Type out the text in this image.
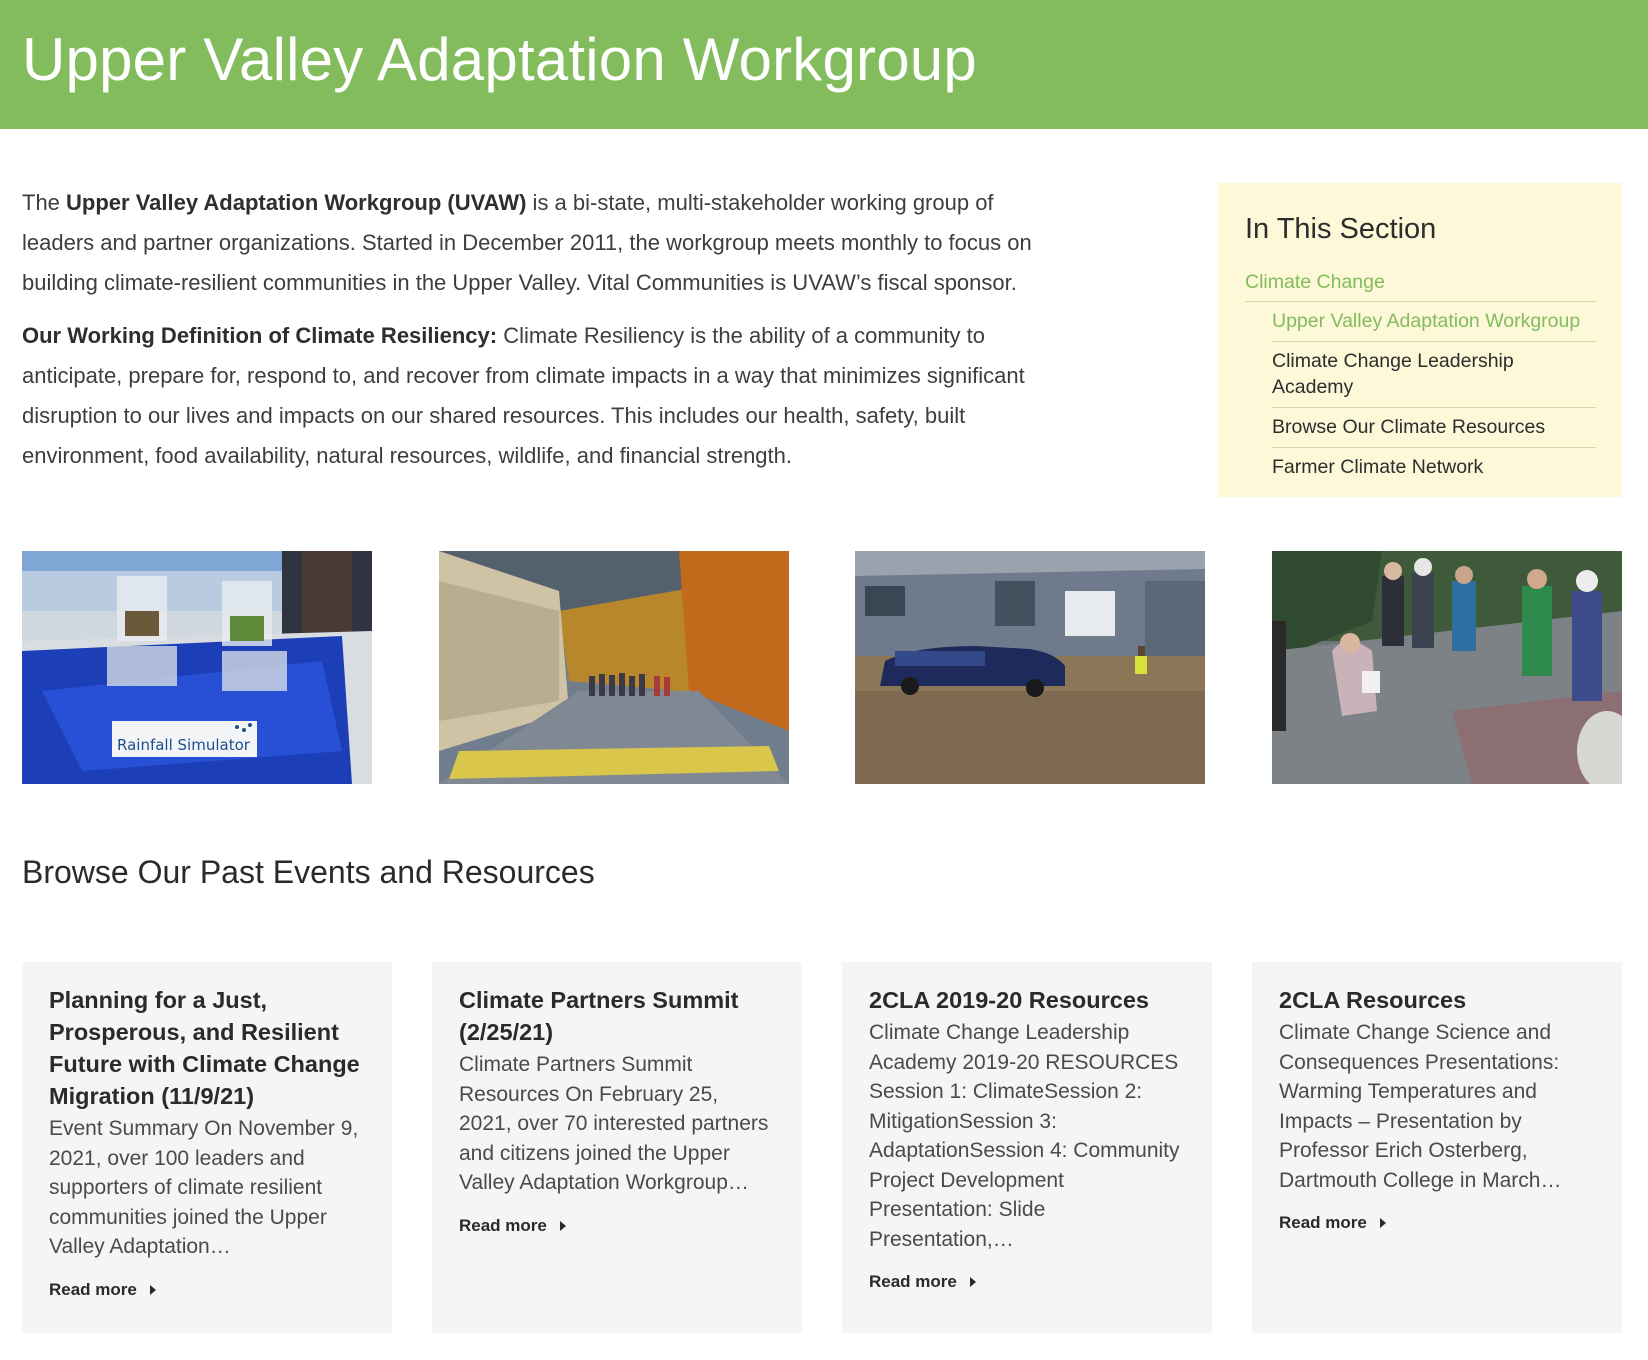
Upper Valley Adaptation Workgroup

The Upper Valley Adaptation Workgroup (UVAW) is a bi-state, multi-stakeholder working group of leaders and partner organizations. Started in December 2011, the workgroup meets monthly to focus on building climate-resilient communities in the Upper Valley. Vital Communities is UVAW’s fiscal sponsor.

Our Working Definition of Climate Resiliency: Climate Resiliency is the ability of a community to anticipate, prepare for, respond to, and recover from climate impacts in a way that minimizes significant disruption to our lives and impacts on our shared resources. This includes our health, safety, built environment, food availability, natural resources, wildlife, and financial strength.

In This Section
Climate Change
Upper Valley Adaptation Workgroup
Climate Change Leadership Academy
Browse Our Climate Resources
Farmer Climate Network
Rainfall Simulator
Browse Our Past Events and Resources
Planning for a Just, Prosperous, and Resilient Future with Climate Change Migration (11/9/21)

Event Summary On November 9, 2021, over 100 leaders and supporters of climate resilient communities joined the Upper Valley Adaptation…

Read more
Climate Partners Summit (2/25/21)

Climate Partners Summit Resources On February 25, 2021, over 70 interested partners and citizens joined the Upper Valley Adaptation Workgroup…

Read more
2CLA 2019-20 Resources

Climate Change Leadership Academy 2019-20 RESOURCES Session 1: ClimateSession 2: MitigationSession 3: AdaptationSession 4: Community Project Development Presentation: Slide Presentation,…

Read more
2CLA Resources

Climate Change Science and Consequences Presentations: Warming Temperatures and Impacts – Presentation by Professor Erich Osterberg, Dartmouth College in March…

Read more
